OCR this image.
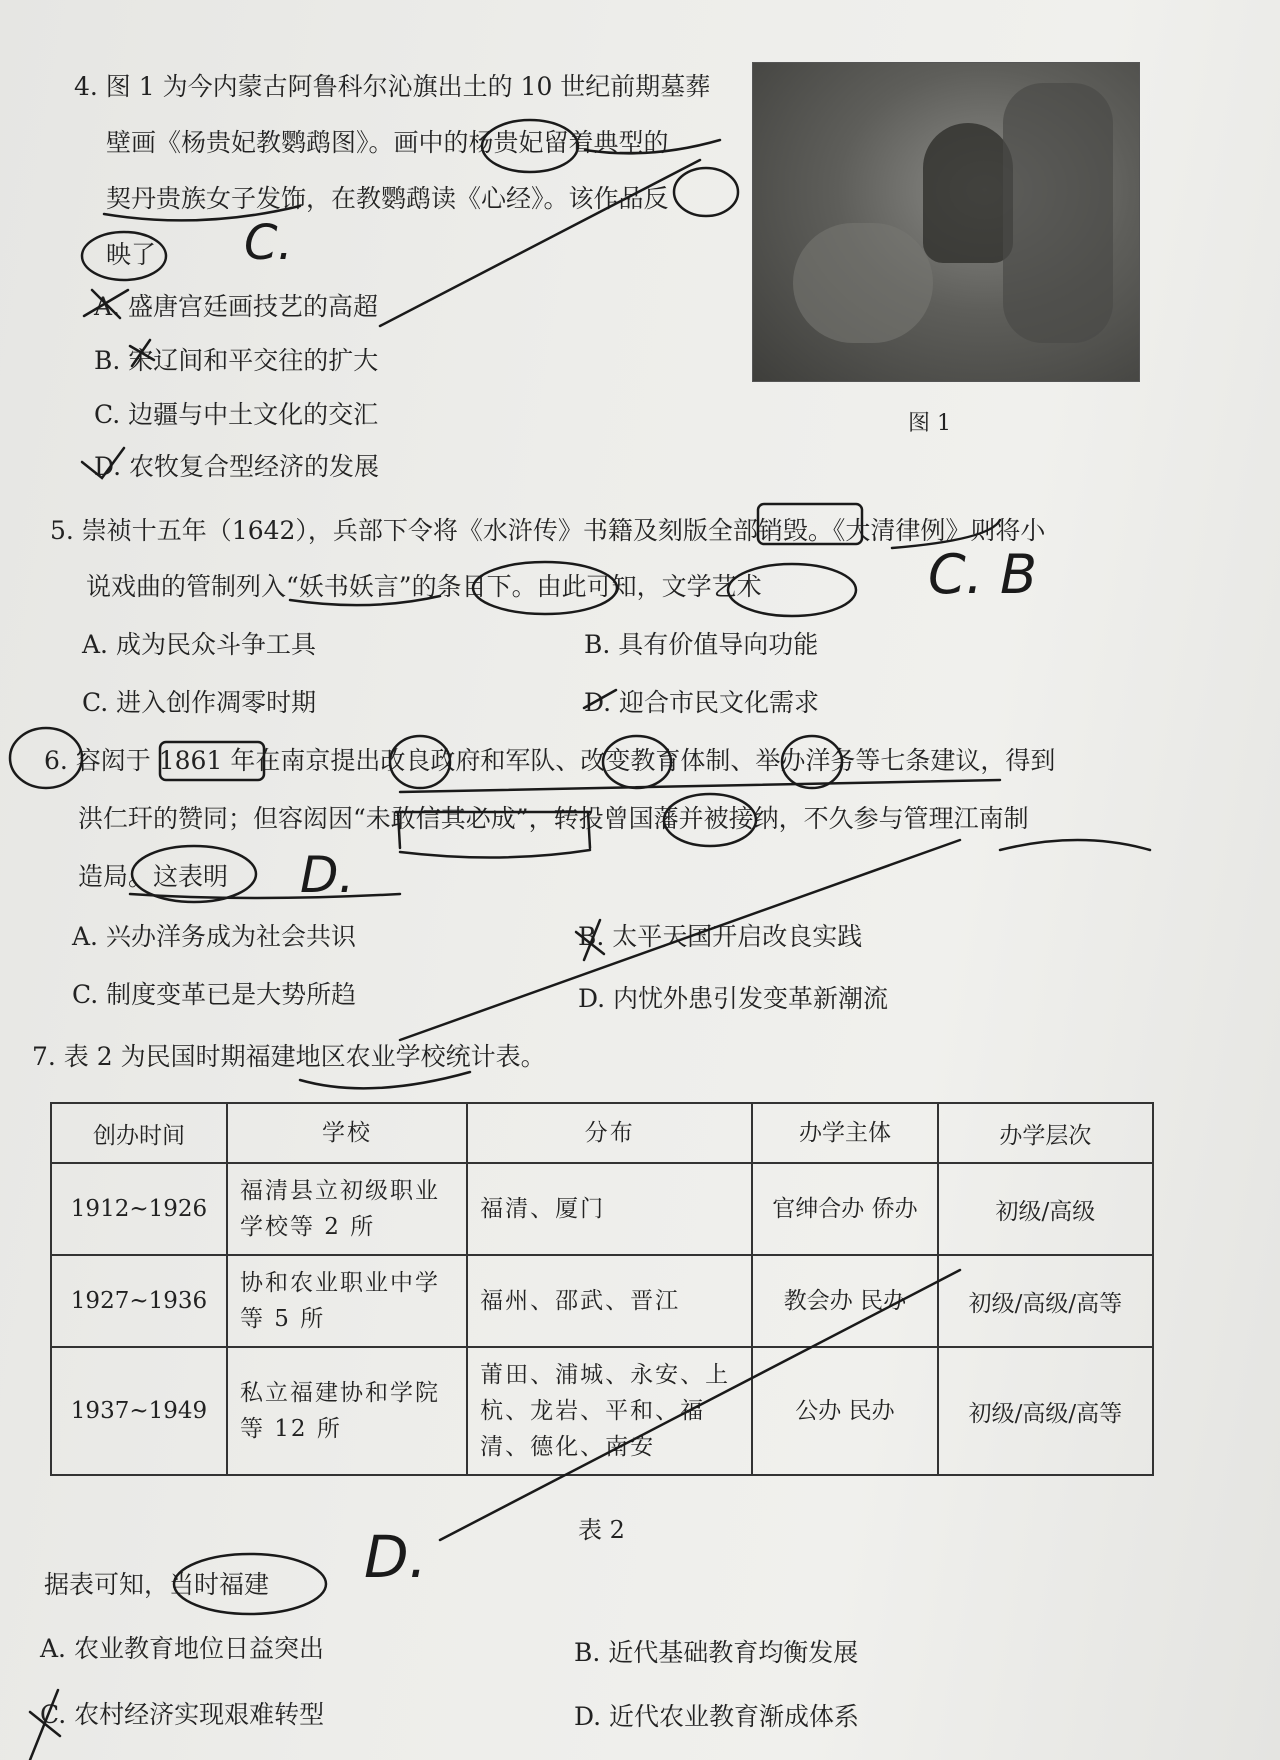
4. 图 1 为今内蒙古阿鲁科尔沁旗出土的 10 世纪前期墓葬
壁画《杨贵妃教鹦鹉图》。画中的杨贵妃留着典型的
契丹贵族女子发饰，在教鹦鹉读《心经》。该作品反
映了
A. 盛唐宫廷画技艺的高超
B. 宋辽间和平交往的扩大
C. 边疆与中土文化的交汇
D. 农牧复合型经济的发展
图 1
5. 崇祯十五年（1642），兵部下令将《水浒传》书籍及刻版全部销毁。《大清律例》则将小
说戏曲的管制列入“妖书妖言”的条目下。由此可知，文学艺术
A. 成为民众斗争工具	B. 具有价值导向功能
C. 进入创作凋零时期	D. 迎合市民文化需求
6. 容闳于 1861 年在南京提出改良政府和军队、改变教育体制、举办洋务等七条建议，得到
洪仁玕的赞同；但容闳因“未敢信其必成”，转投曾国藩并被接纳，不久参与管理江南制
造局。这表明
A. 兴办洋务成为社会共识	B. 太平天国开启改良实践
C. 制度变革已是大势所趋	D. 内忧外患引发变革新潮流
7. 表 2 为民国时期福建地区农业学校统计表。
创办时间	学校	分布	办学主体	办学层次
1912~1926	福清县立初级职业学校等 2 所	福清、厦门	官绅合办 侨办	初级/高级
1927~1936	协和农业职业中学等 5 所	福州、邵武、晋江	教会办 民办	初级/高级/高等
1937~1949	私立福建协和学院等 12 所	莆田、浦城、永安、上杭、龙岩、平和、福清、德化、南安	公办 民办	初级/高级/高等
表 2
据表可知，当时福建
A. 农业教育地位日益突出	B. 近代基础教育均衡发展
C. 农村经济实现艰难转型	D. 近代农业教育渐成体系
C.
C. B
D.
D.
